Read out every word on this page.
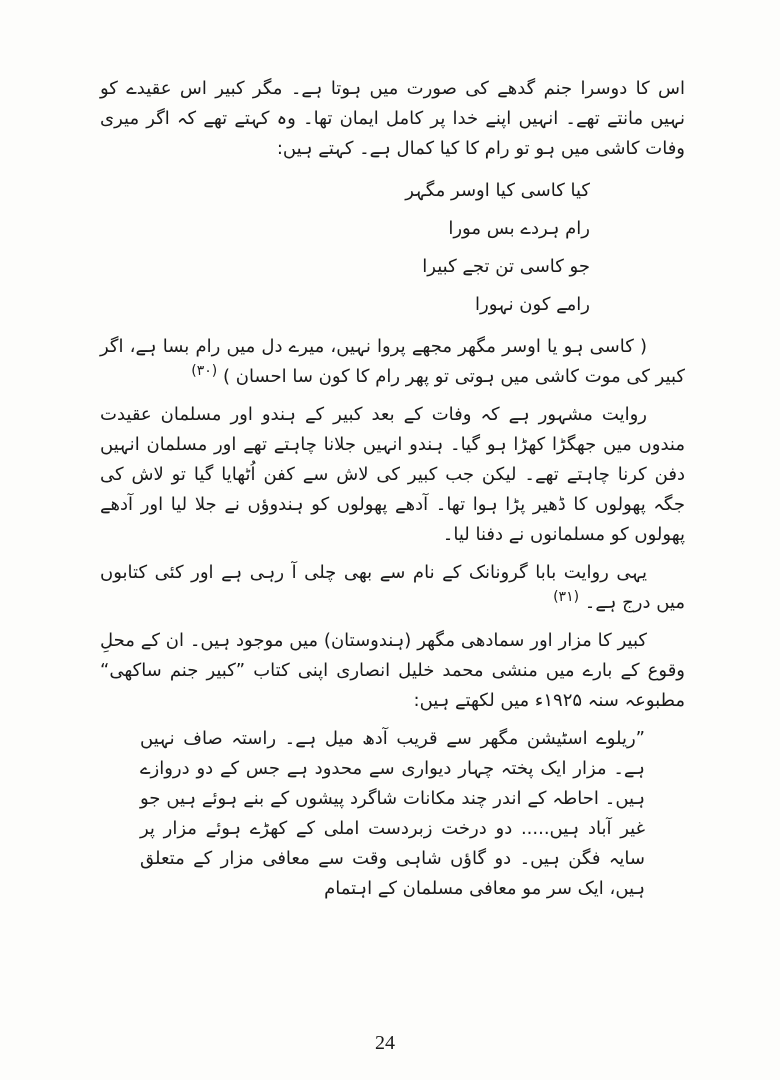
اس کا دوسرا جنم گدھے کی صورت میں ہوتا ہے۔ مگر کبیر اس عقیدے کو نہیں مانتے تھے۔ انہیں اپنے خدا پر کامل ایمان تھا۔ وہ کہتے تھے کہ اگر میری وفات کاشی میں ہو تو رام کا کیا کمال ہے۔ کہتے ہیں:

کیا کاسی کیا اوسر مگہر
رام ہردے بس مورا
جو کاسی تن تجے کبیرا
رامے کون نہورا

( کاسی ہو یا اوسر مگھر مجھے پروا نہیں، میرے دل میں رام بسا ہے، اگر کبیر کی موت کاشی میں ہوتی تو پھر رام کا کون سا احسان ) $^{(۳۰)}$

روایت مشہور ہے کہ وفات کے بعد کبیر کے ہندو اور مسلمان عقیدت مندوں میں جھگڑا کھڑا ہو گیا۔ ہندو انہیں جلانا چاہتے تھے اور مسلمان انہیں دفن کرنا چاہتے تھے۔ لیکن جب کبیر کی لاش سے کفن اُٹھایا گیا تو لاش کی جگہ پھولوں کا ڈھیر پڑا ہوا تھا۔ آدھے پھولوں کو ہندوؤں نے جلا لیا اور آدھے پھولوں کو مسلمانوں نے دفنا لیا۔

یہی روایت بابا گرونانک کے نام سے بھی چلی آ رہی ہے اور کئی کتابوں میں درج ہے۔ $^{(۳۱)}$

کبیر کا مزار اور سمادھی مگھر (ہندوستان) میں موجود ہیں۔ ان کے محلِ وقوع کے بارے میں منشی محمد خلیل انصاری اپنی کتاب ”کبیر جنم ساکھی“ مطبوعہ سنہ ۱۹۲۵ء میں لکھتے ہیں:

”ریلوے اسٹیشن مگھر سے قریب آدھ میل ہے۔ راستہ صاف نہیں ہے۔ مزار ایک پختہ چہار دیواری سے محدود ہے جس کے دو دروازے ہیں۔ احاطہ کے اندر چند مکانات شاگرد پیشوں کے بنے ہوئے ہیں جو غیر آباد ہیں..... دو درخت زبردست املی کے کھڑے ہوئے مزار پر سایہ فگن ہیں۔ دو گاؤں شاہی وقت سے معافی مزار کے متعلق ہیں، ایک سر مو معافی مسلمان کے اہتمام

24
